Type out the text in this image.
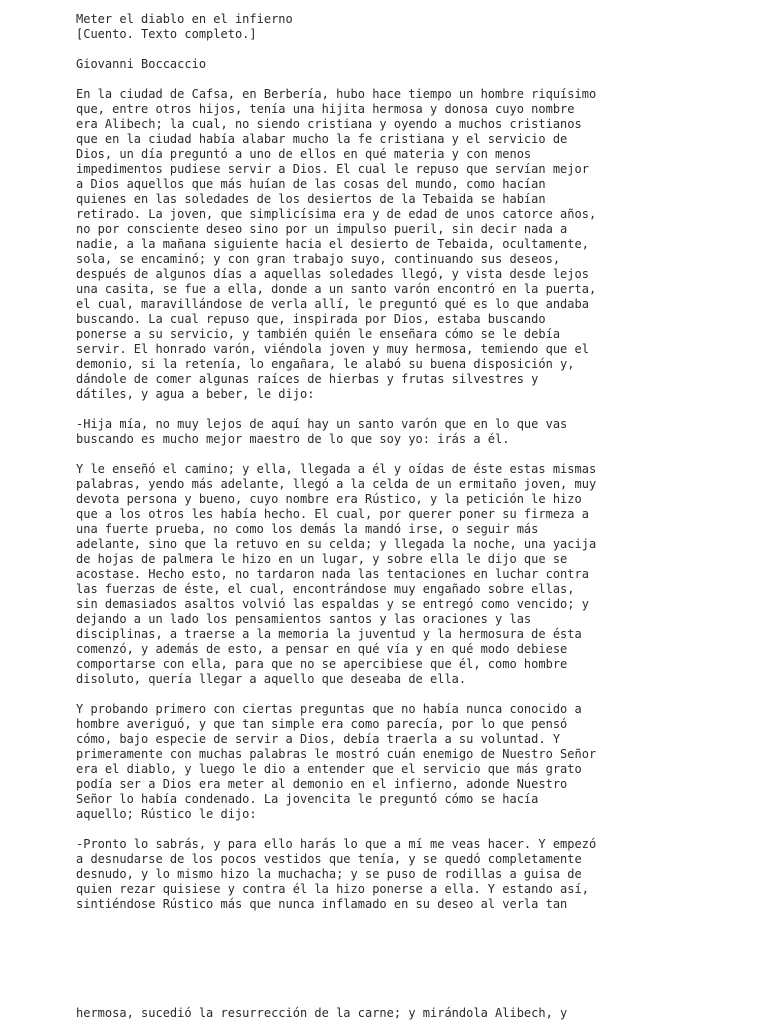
Meter el diablo en el infierno

[Cuento. Texto completo.]

Giovanni Boccaccio

En la ciudad de Cafsa, en Berbería, hubo hace tiempo un hombre riquísimo
que, entre otros hijos, tenía una hijita hermosa y donosa cuyo nombre
era Alibech; la cual, no siendo cristiana y oyendo a muchos cristianos
que en la ciudad había alabar mucho la fe cristiana y el servicio de
Dios, un día preguntó a uno de ellos en qué materia y con menos
impedimentos pudiese servir a Dios. El cual le repuso que servían mejor
a Dios aquellos que más huían de las cosas del mundo, como hacían
quienes en las soledades de los desiertos de la Tebaida se habían
retirado. La joven, que simplicísima era y de edad de unos catorce años,
no por consciente deseo sino por un impulso pueril, sin decir nada a
nadie, a la mañana siguiente hacia el desierto de Tebaida, ocultamente,
sola, se encaminó; y con gran trabajo suyo, continuando sus deseos,
después de algunos días a aquellas soledades llegó, y vista desde lejos
una casita, se fue a ella, donde a un santo varón encontró en la puerta,
el cual, maravillándose de verla allí, le preguntó qué es lo que andaba
buscando. La cual repuso que, inspirada por Dios, estaba buscando
ponerse a su servicio, y también quién le enseñara cómo se le debía
servir. El honrado varón, viéndola joven y muy hermosa, temiendo que el
demonio, si la retenía, lo engañara, le alabó su buena disposición y,
dándole de comer algunas raíces de hierbas y frutas silvestres y
dátiles, y agua a beber, le dijo:

-Hija mía, no muy lejos de aquí hay un santo varón que en lo que vas
buscando es mucho mejor maestro de lo que soy yo: irás a él.

Y le enseñó el camino; y ella, llegada a él y oídas de éste estas mismas
palabras, yendo más adelante, llegó a la celda de un ermitaño joven, muy
devota persona y bueno, cuyo nombre era Rústico, y la petición le hizo
que a los otros les había hecho. El cual, por querer poner su firmeza a
una fuerte prueba, no como los demás la mandó irse, o seguir más
adelante, sino que la retuvo en su celda; y llegada la noche, una yacija
de hojas de palmera le hizo en un lugar, y sobre ella le dijo que se
acostase. Hecho esto, no tardaron nada las tentaciones en luchar contra
las fuerzas de éste, el cual, encontrándose muy engañado sobre ellas,
sin demasiados asaltos volvió las espaldas y se entregó como vencido; y
dejando a un lado los pensamientos santos y las oraciones y las
disciplinas, a traerse a la memoria la juventud y la hermosura de ésta
comenzó, y además de esto, a pensar en qué vía y en qué modo debiese
comportarse con ella, para que no se apercibiese que él, como hombre
disoluto, quería llegar a aquello que deseaba de ella.

Y probando primero con ciertas preguntas que no había nunca conocido a
hombre averiguó, y que tan simple era como parecía, por lo que pensó
cómo, bajo especie de servir a Dios, debía traerla a su voluntad. Y
primeramente con muchas palabras le mostró cuán enemigo de Nuestro Señor
era el diablo, y luego le dio a entender que el servicio que más grato
podía ser a Dios era meter al demonio en el infierno, adonde Nuestro
Señor lo había condenado. La jovencita le preguntó cómo se hacía
aquello; Rústico le dijo:

-Pronto lo sabrás, y para ello harás lo que a mí me veas hacer. Y empezó
a desnudarse de los pocos vestidos que tenía, y se quedó completamente
desnudo, y lo mismo hizo la muchacha; y se puso de rodillas a guisa de
quien rezar quisiese y contra él la hizo ponerse a ella. Y estando así,
sintiéndose Rústico más que nunca inflamado en su deseo al verla tan

hermosa, sucedió la resurrección de la carne; y mirándola Alibech, y
